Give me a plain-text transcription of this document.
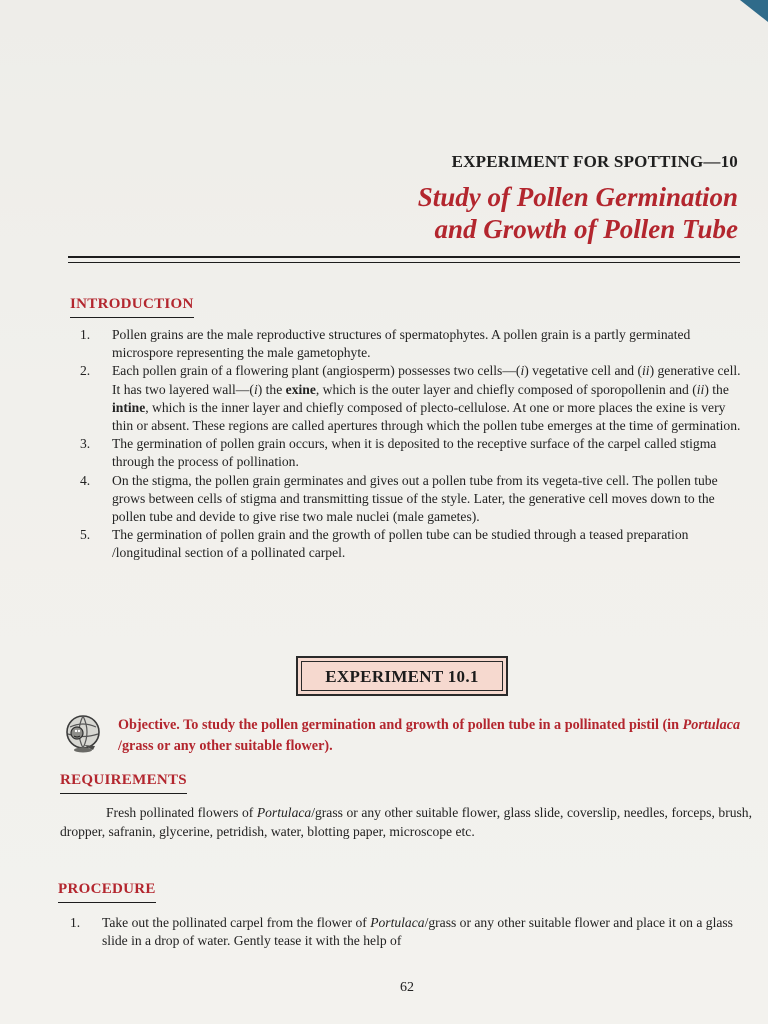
EXPERIMENT FOR SPOTTING—10
Study of Pollen Germination
and Growth of Pollen Tube
INTRODUCTION
1. Pollen grains are the male reproductive structures of spermatophytes. A pollen grain is a partly germinated microspore representing the male gametophyte.
2. Each pollen grain of a flowering plant (angiosperm) possesses two cells—(i) vegetative cell and (ii) generative cell. It has two layered wall—(i) the exine, which is the outer layer and chiefly composed of sporopollenin and (ii) the intine, which is the inner layer and chiefly composed of plecto-cellulose. At one or more places the exine is very thin or absent. These regions are called apertures through which the pollen tube emerges at the time of germination.
3. The germination of pollen grain occurs, when it is deposited to the receptive surface of the carpel called stigma through the process of pollination.
4. On the stigma, the pollen grain germinates and gives out a pollen tube from its vegeta-tive cell. The pollen tube grows between cells of stigma and transmitting tissue of the style. Later, the generative cell moves down to the pollen tube and devide to give rise two male nuclei (male gametes).
5. The germination of pollen grain and the growth of pollen tube can be studied through a teased preparation /longitudinal section of a pollinated carpel.
EXPERIMENT 10.1
Objective. To study the pollen germination and growth of pollen tube in a pollinated pistil (in Portulaca /grass or any other suitable flower).
REQUIREMENTS

Fresh pollinated flowers of Portulaca/grass or any other suitable flower, glass slide, coverslip, needles, forceps, brush, dropper, safranin, glycerine, petridish, water, blotting paper, microscope etc.

PROCEDURE
1. Take out the pollinated carpel from the flower of Portulaca/grass or any other suitable flower and place it on a glass slide in a drop of water. Gently tease it with the help of
62
